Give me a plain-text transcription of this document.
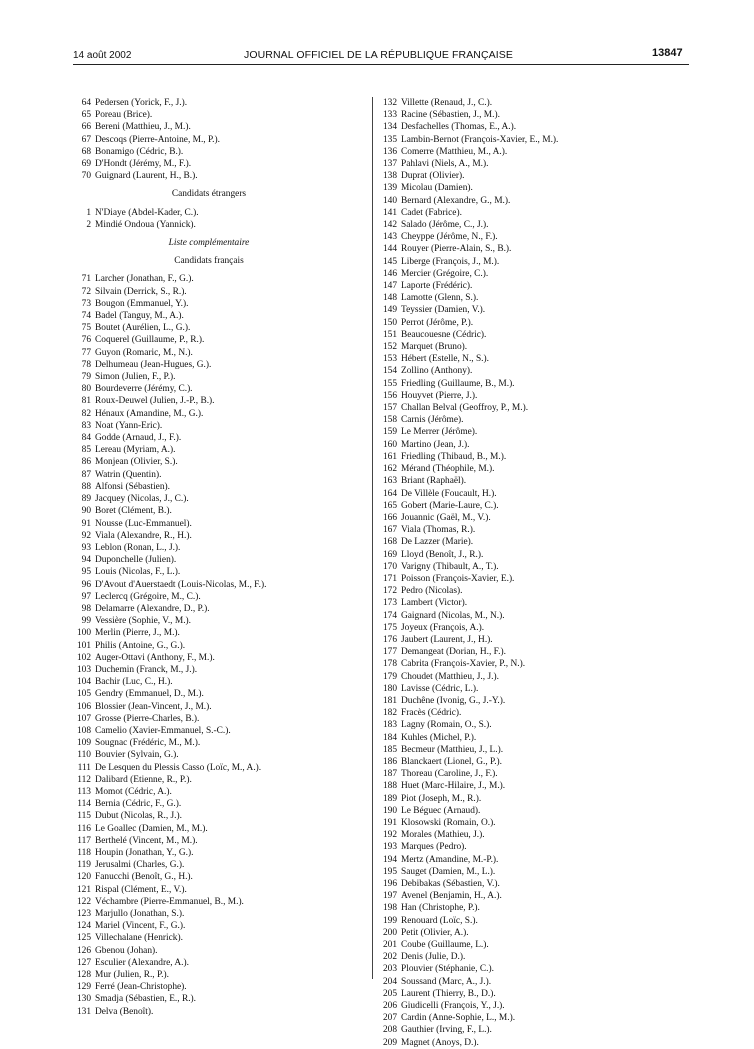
14 août 2002	JOURNAL OFFICIEL DE LA RÉPUBLIQUE FRANÇAISE	13847
64 Pedersen (Yorick, F., J.).
65 Poreau (Brice).
66 Bereni (Matthieu, J., M.).
67 Descoqs (Pierre-Antoine, M., P.).
68 Bonamigo (Cédric, B.).
69 D'Hondt (Jérémy, M., F.).
70 Guignard (Laurent, H., B.).
Candidats étrangers
1 N'Diaye (Abdel-Kader, C.).
2 Mindié Ondoua (Yannick).
Liste complémentaire
Candidats français
71 Larcher (Jonathan, F., G.).
72 Silvain (Derrick, S., R.).
73 Bougon (Emmanuel, Y.).
74 Badel (Tanguy, M., A.).
75 Boutet (Aurélien, L., G.).
76 Coquerel (Guillaume, P., R.).
77 Guyon (Romaric, M., N.).
78 Delhumeau (Jean-Hugues, G.).
79 Simon (Julien, F., P.).
80 Bourdeverre (Jérémy, C.).
81 Roux-Deuwel (Julien, J.-P., B.).
82 Hénaux (Amandine, M., G.).
83 Noat (Yann-Eric).
84 Godde (Arnaud, J., F.).
85 Lereau (Myriam, A.).
86 Monjean (Olivier, S.).
87 Watrin (Quentin).
88 Alfonsi (Sébastien).
89 Jacquey (Nicolas, J., C.).
90 Boret (Clément, B.).
91 Nousse (Luc-Emmanuel).
92 Viala (Alexandre, R., H.).
93 Leblon (Ronan, L., J.).
94 Duponchelle (Julien).
95 Louis (Nicolas, F., L.).
96 D'Avout d'Auerstaedt (Louis-Nicolas, M., F.).
97 Leclercq (Grégoire, M., C.).
98 Delamarre (Alexandre, D., P.).
99 Vessière (Sophie, V., M.).
100 Merlin (Pierre, J., M.).
101 Philis (Antoine, G., G.).
102 Auger-Ottavi (Anthony, F., M.).
103 Duchemin (Franck, M., J.).
104 Bachir (Luc, C., H.).
105 Gendry (Emmanuel, D., M.).
106 Blossier (Jean-Vincent, J., M.).
107 Grosse (Pierre-Charles, B.).
108 Camelio (Xavier-Emmanuel, S.-C.).
109 Sougnac (Frédéric, M., M.).
110 Bouvier (Sylvain, G.).
111 De Lesquen du Plessis Casso (Loïc, M., A.).
112 Dalibard (Etienne, R., P.).
113 Momot (Cédric, A.).
114 Bernia (Cédric, F., G.).
115 Dubut (Nicolas, R., J.).
116 Le Goallec (Damien, M., M.).
117 Berthelé (Vincent, M., M.).
118 Houpin (Jonathan, Y., G.).
119 Jerusalmi (Charles, G.).
120 Fanucchi (Benoît, G., H.).
121 Rispal (Clément, E., V.).
122 Véchambre (Pierre-Emmanuel, B., M.).
123 Marjullo (Jonathan, S.).
124 Mariel (Vincent, F., G.).
125 Villechalane (Henrick).
126 Gbenou (Johan).
127 Esculier (Alexandre, A.).
128 Mur (Julien, R., P.).
129 Ferré (Jean-Christophe).
130 Smadja (Sébastien, E., R.).
131 Delva (Benoît).
132 Villette (Renaud, J., C.).
133 Racine (Sébastien, J., M.).
134 Desfachelles (Thomas, E., A.).
135 Lambin-Bernot (François-Xavier, E., M.).
136 Comerre (Matthieu, M., A.).
137 Pahlavi (Niels, A., M.).
138 Duprat (Olivier).
139 Micolau (Damien).
140 Bernard (Alexandre, G., M.).
141 Cadet (Fabrice).
142 Salado (Jérôme, C., J.).
143 Cheyppe (Jérôme, N., F.).
144 Rouyer (Pierre-Alain, S., B.).
145 Liberge (François, J., M.).
146 Mercier (Grégoire, C.).
147 Laporte (Frédéric).
148 Lamotte (Glenn, S.).
149 Teyssier (Damien, V.).
150 Perrot (Jérôme, P.).
151 Beaucouesne (Cédric).
152 Marquet (Bruno).
153 Hébert (Estelle, N., S.).
154 Zollino (Anthony).
155 Friedling (Guillaume, B., M.).
156 Houyvet (Pierre, J.).
157 Challan Belval (Geoffroy, P., M.).
158 Carnis (Jérôme).
159 Le Merrer (Jérôme).
160 Martino (Jean, J.).
161 Friedling (Thibaud, B., M.).
162 Mérand (Théophile, M.).
163 Briant (Raphaël).
164 De Villèle (Foucault, H.).
165 Gobert (Marie-Laure, C.).
166 Jouannic (Gaël, M., V.).
167 Viala (Thomas, R.).
168 De Lazzer (Marie).
169 Lloyd (Benoît, J., R.).
170 Varigny (Thibault, A., T.).
171 Poisson (François-Xavier, E.).
172 Pedro (Nicolas).
173 Lambert (Victor).
174 Gaignard (Nicolas, M., N.).
175 Joyeux (François, A.).
176 Jaubert (Laurent, J., H.).
177 Demangeat (Dorian, H., F.).
178 Cabrita (François-Xavier, P., N.).
179 Choudet (Matthieu, J., J.).
180 Lavisse (Cédric, L.).
181 Duchêne (Ivonig, G., J.-Y.).
182 Fracès (Cédric).
183 Lagny (Romain, O., S.).
184 Kuhles (Michel, P.).
185 Becmeur (Matthieu, J., L.).
186 Blanckaert (Lionel, G., P.).
187 Thoreau (Caroline, J., F.).
188 Huet (Marc-Hilaire, J., M.).
189 Piot (Joseph, M., R.).
190 Le Béguec (Arnaud).
191 Klosowski (Romain, O.).
192 Morales (Mathieu, J.).
193 Marques (Pedro).
194 Mertz (Amandine, M.-P.).
195 Sauget (Damien, M., L.).
196 Debibakas (Sébastien, V.).
197 Avenel (Benjamin, H., A.).
198 Han (Christophe, P.).
199 Renouard (Loïc, S.).
200 Petit (Olivier, A.).
201 Coube (Guillaume, L.).
202 Denis (Julie, D.).
203 Plouvier (Stéphanie, C.).
204 Soussand (Marc, A., J.).
205 Laurent (Thierry, B., D.).
206 Giudicelli (François, Y., J.).
207 Cardin (Anne-Sophie, L., M.).
208 Gauthier (Irving, F., L.).
209 Magnet (Anoys, D.).
